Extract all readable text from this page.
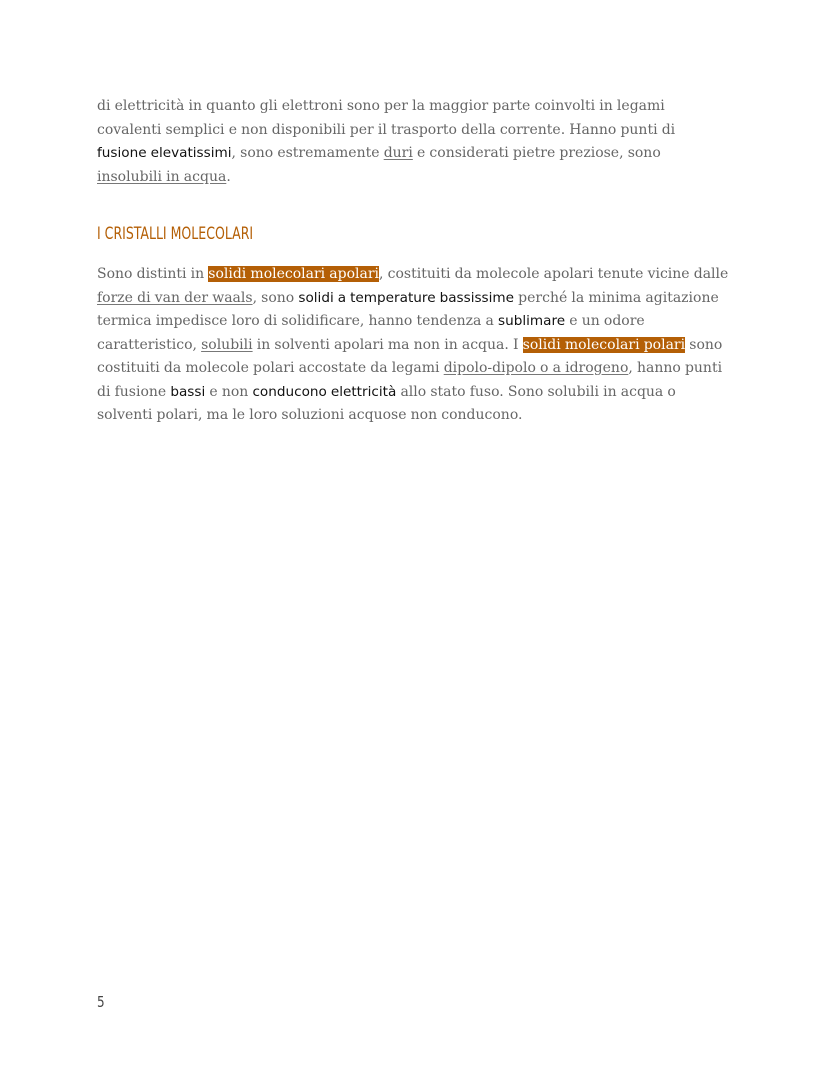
di elettricità in quanto gli elettroni sono per la maggior parte coinvolti in legami
covalenti semplici e non disponibili per il trasporto della corrente. Hanno punti di
fusione elevatissimi, sono estremamente duri e considerati pietre preziose, sono
insolubili in acqua.

I CRISTALLI MOLECOLARI

Sono distinti in solidi molecolari apolari, costituiti da molecole apolari tenute vicine dalle
forze di van der waals, sono solidi a temperature bassissime perché la minima agitazione
termica impedisce loro di solidificare, hanno tendenza a sublimare e un odore
caratteristico, solubili in solventi apolari ma non in acqua. I solidi molecolari polari sono
costituiti da molecole polari accostate da legami dipolo-dipolo o a idrogeno, hanno punti
di fusione bassi e non conducono elettricità allo stato fuso. Sono solubili in acqua o
solventi polari, ma le loro soluzioni acquose non conducono.

5
